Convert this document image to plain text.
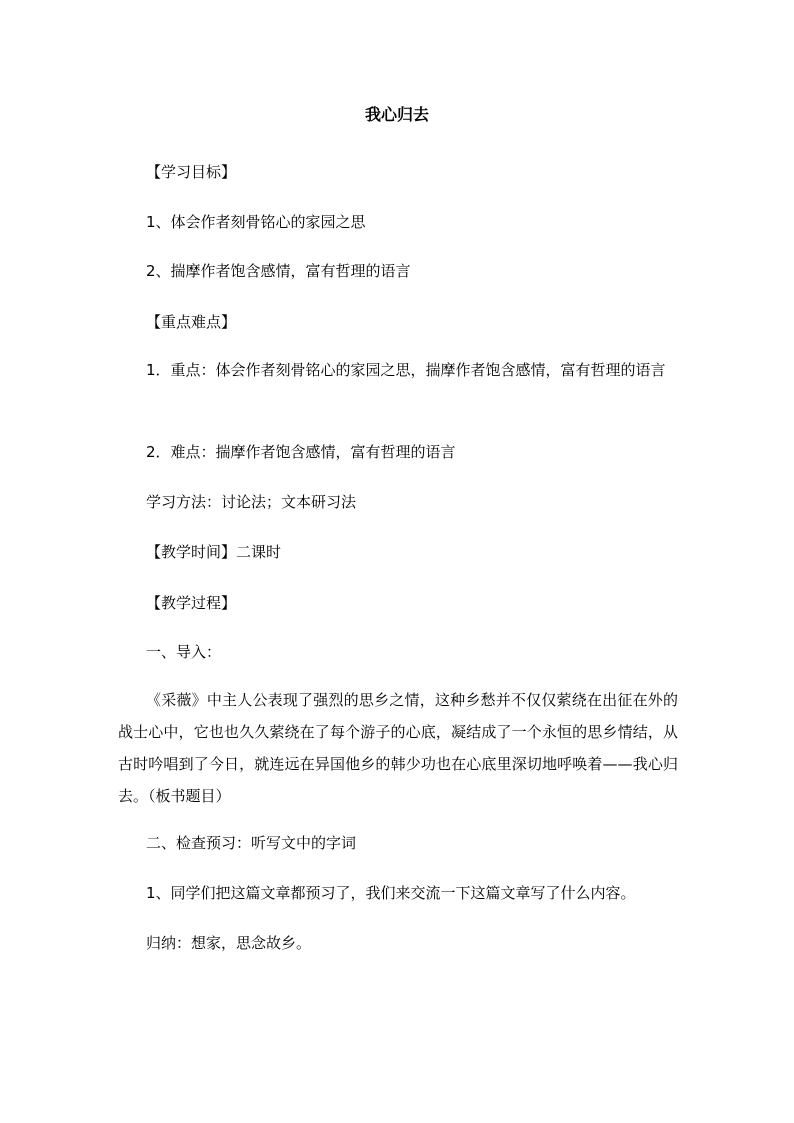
我心归去
【学习目标】
1、体会作者刻骨铭心的家园之思
2、揣摩作者饱含感情，富有哲理的语言
【重点难点】
1．重点：体会作者刻骨铭心的家园之思，揣摩作者饱含感情，富有哲理的语言
2．难点：揣摩作者饱含感情，富有哲理的语言
学习方法：讨论法；文本研习法
【教学时间】二课时
【教学过程】
一、导入：
《采薇》中主人公表现了强烈的思乡之情，这种乡愁并不仅仅萦绕在出征在外的战士心中，它也也久久萦绕在了每个游子的心底，凝结成了一个永恒的思乡情结，从古时吟唱到了今日，就连远在异国他乡的韩少功也在心底里深切地呼唤着——我心归去。（板书题目）
二、检查预习：听写文中的字词
1、同学们把这篇文章都预习了，我们来交流一下这篇文章写了什么内容。
归纳：想家，思念故乡。
